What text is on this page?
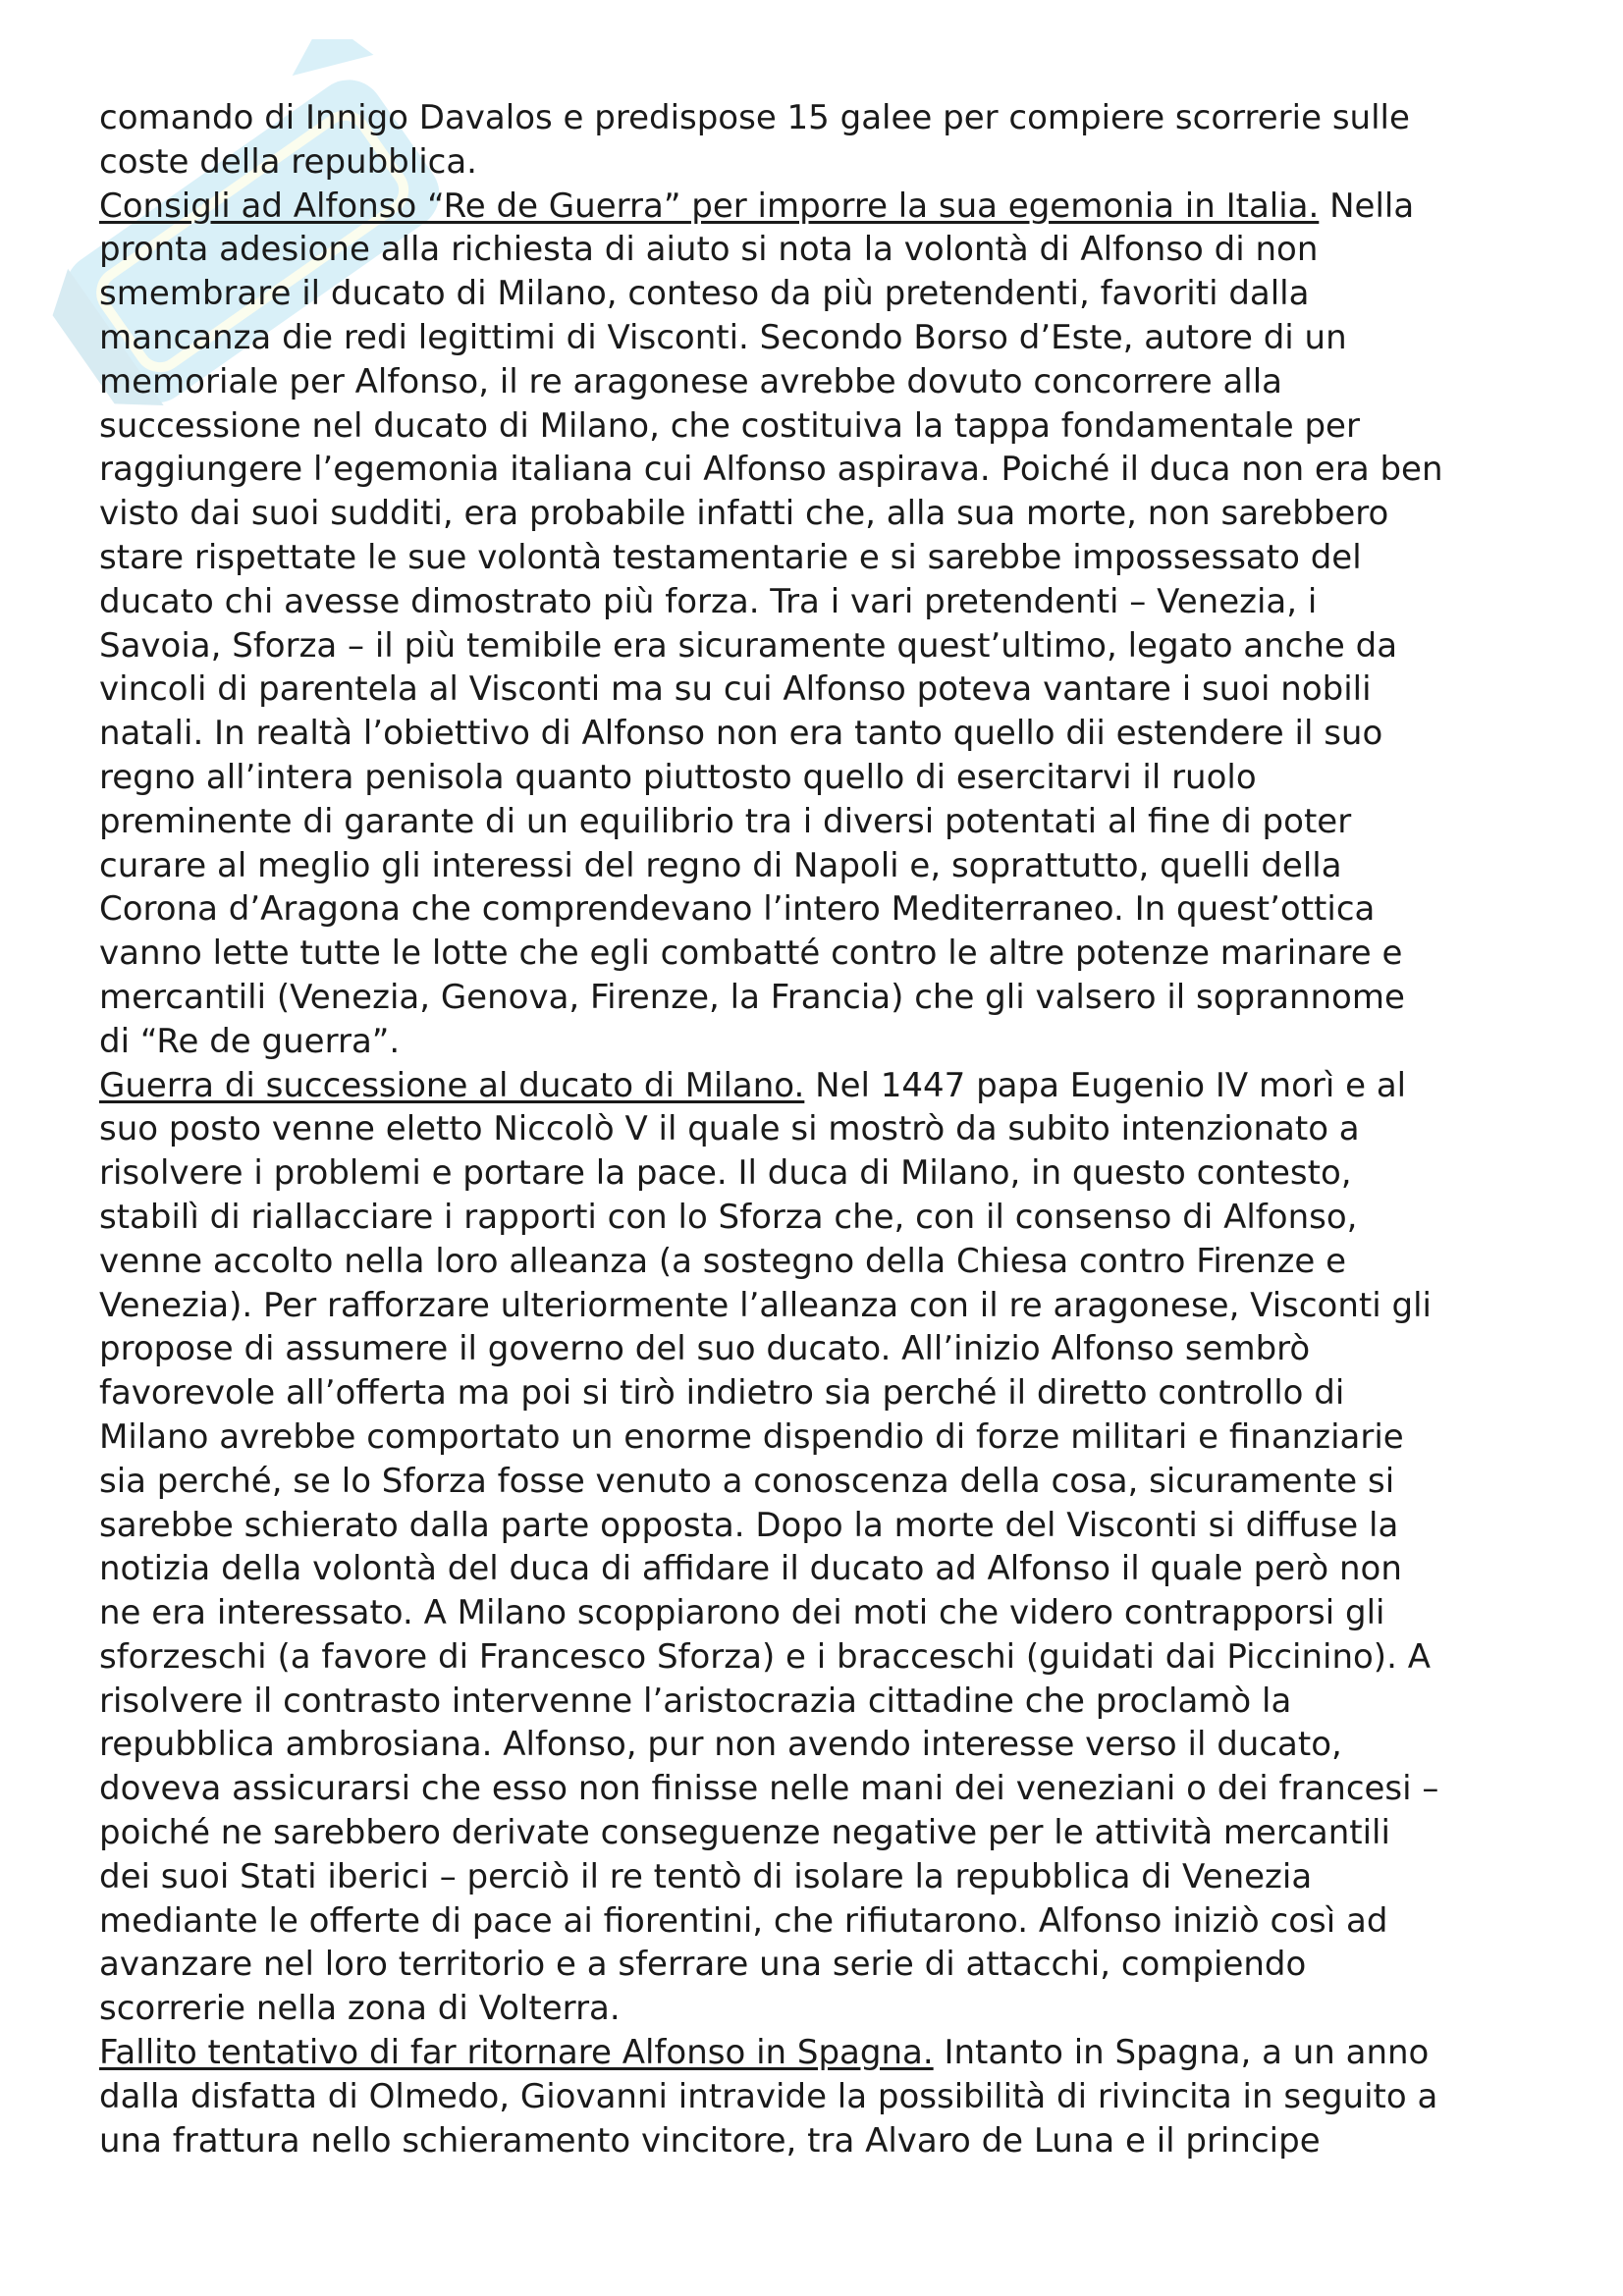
comando di Innigo Davalos e predispose 15 galee per compiere scorrerie sulle
coste della repubblica.
Consigli ad Alfonso “Re de Guerra” per imporre la sua egemonia in Italia. Nella
pronta adesione alla richiesta di aiuto si nota la volontà di Alfonso di non
smembrare il ducato di Milano, conteso da più pretendenti, favoriti dalla
mancanza die redi legittimi di Visconti. Secondo Borso d’Este, autore di un
memoriale per Alfonso, il re aragonese avrebbe dovuto concorrere alla
successione nel ducato di Milano, che costituiva la tappa fondamentale per
raggiungere l’egemonia italiana cui Alfonso aspirava. Poiché il duca non era ben
visto dai suoi sudditi, era probabile infatti che, alla sua morte, non sarebbero
stare rispettate le sue volontà testamentarie e si sarebbe impossessato del
ducato chi avesse dimostrato più forza. Tra i vari pretendenti – Venezia, i
Savoia, Sforza – il più temibile era sicuramente quest’ultimo, legato anche da
vincoli di parentela al Visconti ma su cui Alfonso poteva vantare i suoi nobili
natali. In realtà l’obiettivo di Alfonso non era tanto quello dii estendere il suo
regno all’intera penisola quanto piuttosto quello di esercitarvi il ruolo
preminente di garante di un equilibrio tra i diversi potentati al fine di poter
curare al meglio gli interessi del regno di Napoli e, soprattutto, quelli della
Corona d’Aragona che comprendevano l’intero Mediterraneo. In quest’ottica
vanno lette tutte le lotte che egli combatté contro le altre potenze marinare e
mercantili (Venezia, Genova, Firenze, la Francia) che gli valsero il soprannome
di “Re de guerra”.
Guerra di successione al ducato di Milano. Nel 1447 papa Eugenio IV morì e al
suo posto venne eletto Niccolò V il quale si mostrò da subito intenzionato a
risolvere i problemi e portare la pace. Il duca di Milano, in questo contesto,
stabilì di riallacciare i rapporti con lo Sforza che, con il consenso di Alfonso,
venne accolto nella loro alleanza (a sostegno della Chiesa contro Firenze e
Venezia). Per rafforzare ulteriormente l’alleanza con il re aragonese, Visconti gli
propose di assumere il governo del suo ducato. All’inizio Alfonso sembrò
favorevole all’offerta ma poi si tirò indietro sia perché il diretto controllo di
Milano avrebbe comportato un enorme dispendio di forze militari e finanziarie
sia perché, se lo Sforza fosse venuto a conoscenza della cosa, sicuramente si
sarebbe schierato dalla parte opposta. Dopo la morte del Visconti si diffuse la
notizia della volontà del duca di affidare il ducato ad Alfonso il quale però non
ne era interessato. A Milano scoppiarono dei moti che videro contrapporsi gli
sforzeschi (a favore di Francesco Sforza) e i bracceschi (guidati dai Piccinino). A
risolvere il contrasto intervenne l’aristocrazia cittadine che proclamò la
repubblica ambrosiana. Alfonso, pur non avendo interesse verso il ducato,
doveva assicurarsi che esso non finisse nelle mani dei veneziani o dei francesi –
poiché ne sarebbero derivate conseguenze negative per le attività mercantili
dei suoi Stati iberici – perciò il re tentò di isolare la repubblica di Venezia
mediante le offerte di pace ai fiorentini, che rifiutarono. Alfonso iniziò così ad
avanzare nel loro territorio e a sferrare una serie di attacchi, compiendo
scorrerie nella zona di Volterra.
Fallito tentativo di far ritornare Alfonso in Spagna. Intanto in Spagna, a un anno
dalla disfatta di Olmedo, Giovanni intravide la possibilità di rivincita in seguito a
una frattura nello schieramento vincitore, tra Alvaro de Luna e il principe
